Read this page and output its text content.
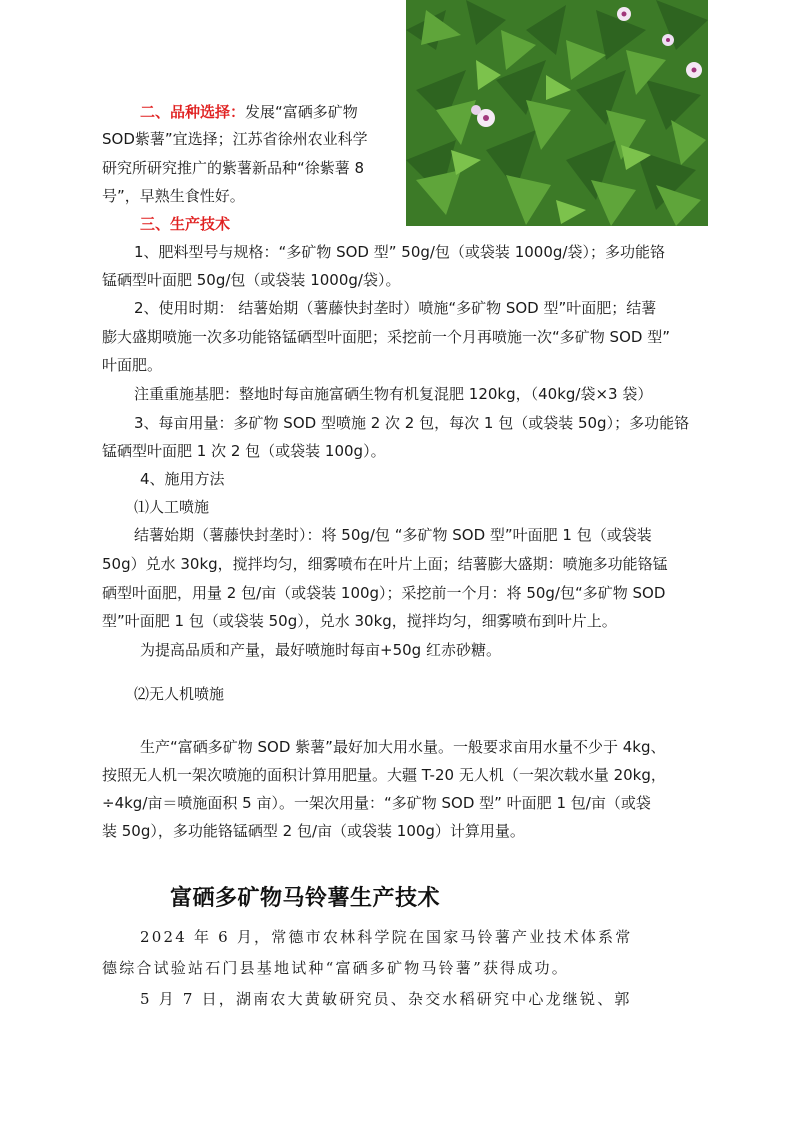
二、品种选择：发展“富硒多矿物
SOD紫薯”宜选择；江苏省徐州农业科学
研究所研究推广的紫薯新品种“徐紫薯 8
号”，早熟生食性好。
三、生产技术
1、肥料型号与规格：“多矿物 SOD 型” 50g/包（或袋装 1000g/袋）；多功能铬
锰硒型叶面肥 50g/包（或袋装 1000g/袋）。
2、使用时期： 结薯始期（薯藤快封垄时）喷施“多矿物 SOD 型”叶面肥；结薯
膨大盛期喷施一次多功能铬锰硒型叶面肥；采挖前一个月再喷施一次“多矿物 SOD 型”
叶面肥。
注重重施基肥：整地时每亩施富硒生物有机复混肥 120kg，（40kg/袋×3 袋）
3、每亩用量：多矿物 SOD 型喷施 2 次 2 包，每次 1 包（或袋装 50g）；多功能铬
锰硒型叶面肥 1 次 2 包（或袋装 100g）。
4、施用方法
⑴人工喷施
结薯始期（薯藤快封垄时）：将 50g/包 “多矿物 SOD 型”叶面肥 1 包（或袋装
50g）兑水 30kg，搅拌均匀，细雾喷布在叶片上面；结薯膨大盛期：喷施多功能铬锰
硒型叶面肥，用量 2 包/亩（或袋装 100g）；采挖前一个月：将 50g/包“多矿物 SOD
型”叶面肥 1 包（或袋装 50g），兑水 30kg，搅拌均匀，细雾喷布到叶片上。
为提高品质和产量，最好喷施时每亩+50g 红赤砂糖。
⑵无人机喷施
生产“富硒多矿物 SOD 紫薯”最好加大用水量。一般要求亩用水量不少于 4kg、
按照无人机一架次喷施的面积计算用肥量。大疆 T-20 无人机（一架次载水量 20kg，
÷4kg/亩＝喷施面积 5 亩）。一架次用量：“多矿物 SOD 型” 叶面肥 1 包/亩（或袋
装 50g），多功能铬锰硒型 2 包/亩（或袋装 100g）计算用量。
富硒多矿物马铃薯生产技术
2024 年 6 月，常德市农林科学院在国家马铃薯产业技术体系常
德综合试验站石门县基地试种“富硒多矿物马铃薯”获得成功。
5 月 7 日，湖南农大黄敏研究员、杂交水稻研究中心龙继锐、郭
